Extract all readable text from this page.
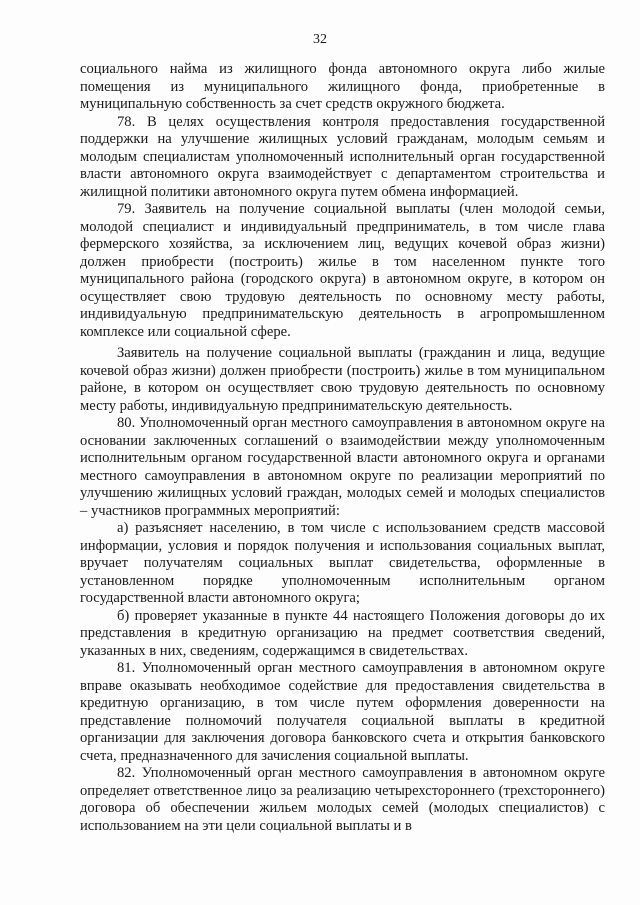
32

социального найма из жилищного фонда автономного округа либо жилые помещения из муниципального жилищного фонда, приобретенные в муниципальную собственность за счет средств окружного бюджета.

78. В целях осуществления контроля предоставления государственной поддержки на улучшение жилищных условий гражданам, молодым семьям и молодым специалистам уполномоченный исполнительный орган государственной власти автономного округа взаимодействует с департаментом строительства и жилищной политики автономного округа путем обмена информацией.

79. Заявитель на получение социальной выплаты (член молодой семьи, молодой специалист и индивидуальный предприниматель, в том числе глава фермерского хозяйства, за исключением лиц, ведущих кочевой образ жизни) должен приобрести (построить) жилье в том населенном пункте того муниципального района (городского округа) в автономном округе, в котором он осуществляет свою трудовую деятельность по основному месту работы, индивидуальную предпринимательскую деятельность в агропромышленном комплексе или социальной сфере.

Заявитель на получение социальной выплаты (гражданин и лица, ведущие кочевой образ жизни) должен приобрести (построить) жилье в том муниципальном районе, в котором он осуществляет свою трудовую деятельность по основному месту работы, индивидуальную предпринимательскую деятельность.

80. Уполномоченный орган местного самоуправления в автономном округе на основании заключенных соглашений о взаимодействии между уполномоченным исполнительным органом государственной власти автономного округа и органами местного самоуправления в автономном округе по реализации мероприятий по улучшению жилищных условий граждан, молодых семей и молодых специалистов – участников программных мероприятий:

а) разъясняет населению, в том числе с использованием средств массовой информации, условия и порядок получения и использования социальных выплат, вручает получателям социальных выплат свидетельства, оформленные в установленном порядке уполномоченным исполнительным органом государственной власти автономного округа;

б) проверяет указанные в пункте 44 настоящего Положения договоры до их представления в кредитную организацию на предмет соответствия сведений, указанных в них, сведениям, содержащимся в свидетельствах.

81. Уполномоченный орган местного самоуправления в автономном округе вправе оказывать необходимое содействие для предоставления свидетельства в кредитную организацию, в том числе путем оформления доверенности на представление полномочий получателя социальной выплаты в кредитной организации для заключения договора банковского счета и открытия банковского счета, предназначенного для зачисления социальной выплаты.

82. Уполномоченный орган местного самоуправления в автономном округе определяет ответственное лицо за реализацию четырехстороннего (трехстороннего) договора об обеспечении жильем молодых семей (молодых специалистов) с использованием на эти цели социальной выплаты и в
